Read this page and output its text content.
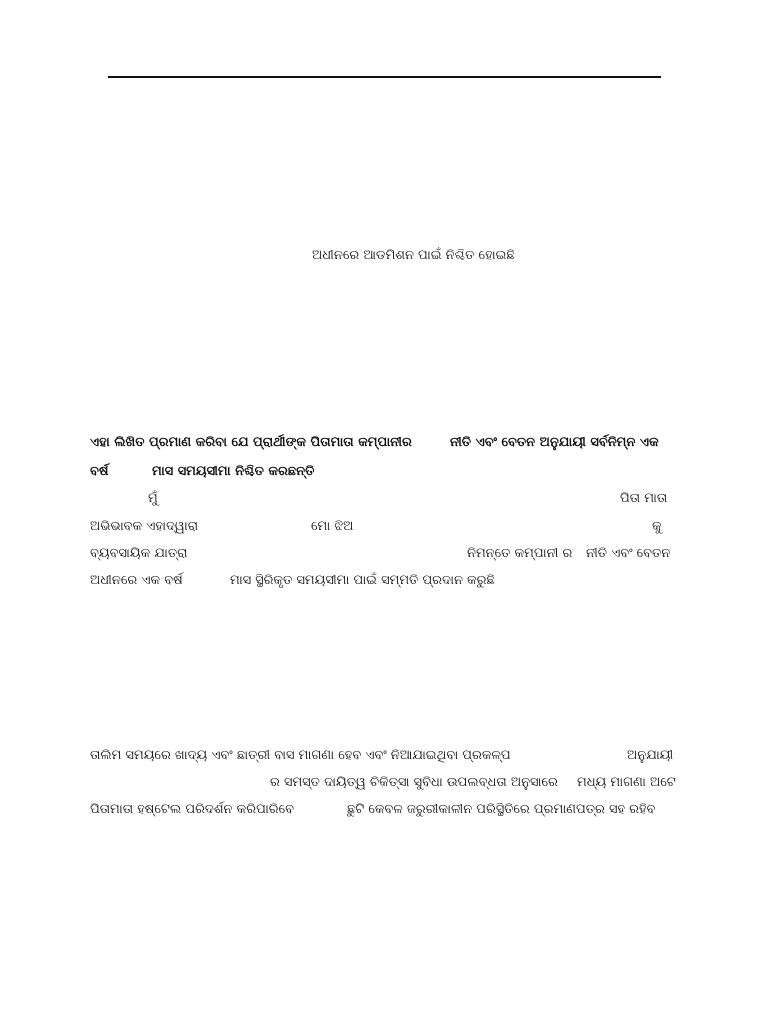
ଅଧୀନରେ ଆଡମିଶନ ପାଇଁ ନିଶ୍ଚିତ ହୋଇଛି
ଏହା ଲିଖିତ ପ୍ରମାଣ କରିବା ଯେ ପ୍ରାର୍ଥୀଙ୍କ ପିତାମାତା କମ୍ପାନୀର	ନୀତି ଏବଂ ବେତନ ଅନୁଯାୟୀ ସର୍ବନିମ୍ନ ଏକ
ବର୍ଷ	ମାସ ସମୟସୀମା ନିଶ୍ଚିତ କରଛନ୍ତି
ମୁଁ	ପିତା ମାତା
ଅଭିଭାବକ ଏହାଦ୍ୱାରା	ମୋ ଝିଅ	କୁ
ବ୍ୟବସାୟିକ ଯାତ୍ରା	ନିମନ୍ତେ କମ୍ପାନୀ ର ନୀତି ଏବଂ ବେତନ
ଅଧୀନରେ ଏକ ବର୍ଷ	ମାସ ସ୍ଥିରିକୃତ ସମୟସୀମା ପାଇଁ ସମ୍ମତି ପ୍ରଦାନ କରୁଛି
ତାଲିମ ସମୟରେ ଖାଦ୍ୟ ଏବଂ ଛାତ୍ରୀ ବାସ ମାଗଣା ହେବ ଏବଂ ନିଆଯାଇଥିବା ପ୍ରକଳ୍ପ	ଅନୁଯାୟୀ
ର ସମସ୍ତ ଦାୟିତ୍ୱ ଚିକିତ୍ସା ସୁବିଧା ଉପଲବ୍ଧତା ଅନୁସାରେ ମଧ୍ୟ ମାଗଣା ଅଟେ
ପିତାମାତା ହଷ୍ଟେଲ ପରିଦର୍ଶନ କରିପାରିବେ	ଛୁଟି କେବଳ ଜରୁରୀକାଳୀନ ପରିସ୍ଥିତିରେ ପ୍ରମାଣପତ୍ର ସହ ରହିବ
